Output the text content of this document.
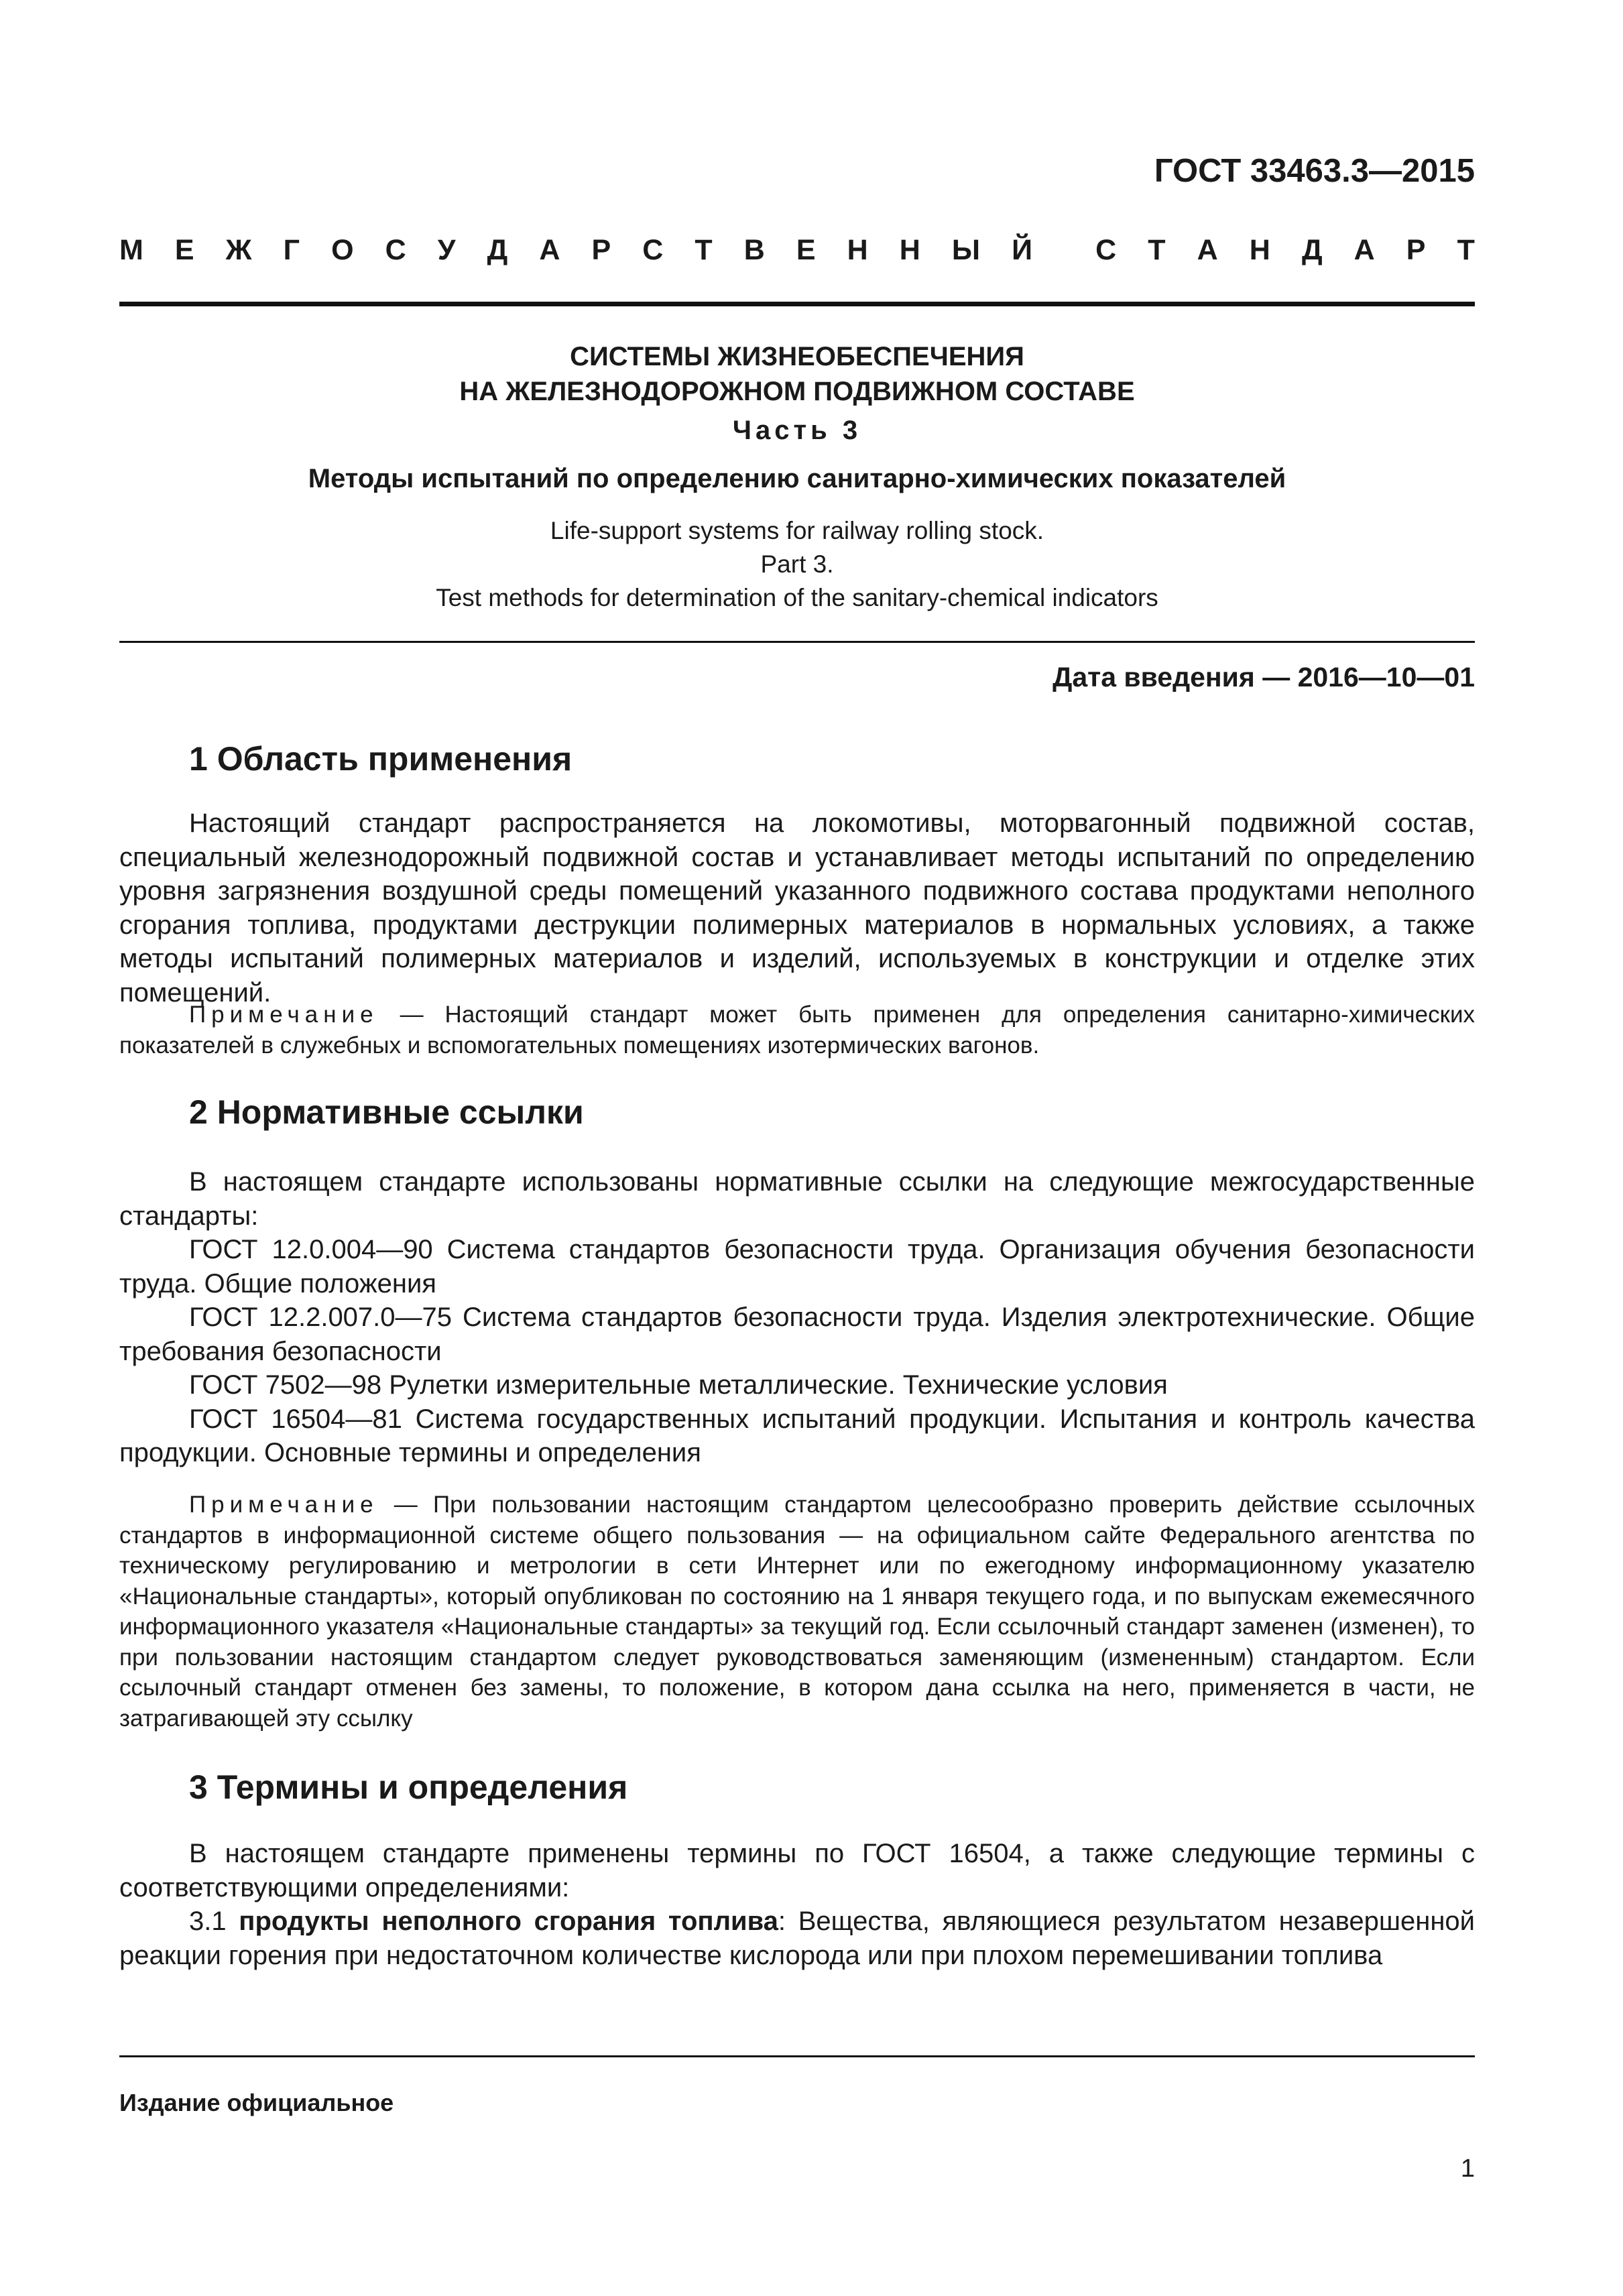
ГОСТ 33463.3—2015
М Е Ж Г О С У Д А Р С Т В Е Н Н Ы Й С Т А Н Д А Р Т
СИСТЕМЫ ЖИЗНЕОБЕСПЕЧЕНИЯ
НА ЖЕЛЕЗНОДОРОЖНОМ ПОДВИЖНОМ СОСТАВЕ
Часть 3
Методы испытаний по определению санитарно-химических показателей
Life-support systems for railway rolling stock.
Part 3.
Test methods for determination of the sanitary-chemical indicators
Дата введения — 2016—10—01
1 Область применения

Настоящий стандарт распространяется на локомотивы, моторвагонный подвижной состав, специальный железнодорожный подвижной состав и устанавливает методы испытаний по определению уровня загрязнения воздушной среды помещений указанного подвижного состава продуктами неполного сгорания топлива, продуктами деструкции полимерных материалов в нормальных условиях, а также методы испытаний полимерных материалов и изделий, используемых в конструкции и отделке этих помещений.

Примечание — Настоящий стандарт может быть применен для определения санитарно-химических показателей в служебных и вспомогательных помещениях изотермических вагонов.

2 Нормативные ссылки

В настоящем стандарте использованы нормативные ссылки на следующие межгосударственные стандарты:

ГОСТ 12.0.004—90 Система стандартов безопасности труда. Организация обучения безопасности труда. Общие положения

ГОСТ 12.2.007.0—75 Система стандартов безопасности труда. Изделия электротехнические. Общие требования безопасности

ГОСТ 7502—98 Рулетки измерительные металлические. Технические условия

ГОСТ 16504—81 Система государственных испытаний продукции. Испытания и контроль качества продукции. Основные термины и определения

Примечание — При пользовании настоящим стандартом целесообразно проверить действие ссылочных стандартов в информационной системе общего пользования — на официальном сайте Федерального агентства по техническому регулированию и метрологии в сети Интернет или по ежегодному информационному указателю «Национальные стандарты», который опубликован по состоянию на 1 января текущего года, и по выпускам ежемесячного информационного указателя «Национальные стандарты» за текущий год. Если ссылочный стандарт заменен (изменен), то при пользовании настоящим стандартом следует руководствоваться заменяющим (измененным) стандартом. Если ссылочный стандарт отменен без замены, то положение, в котором дана ссылка на него, применяется в части, не затрагивающей эту ссылку

3 Термины и определения

В настоящем стандарте применены термины по ГОСТ 16504, а также следующие термины с соответствующими определениями:

3.1 продукты неполного сгорания топлива: Вещества, являющиеся результатом незавершенной реакции горения при недостаточном количестве кислорода или при плохом перемешивании топлива

Издание официальное
1
